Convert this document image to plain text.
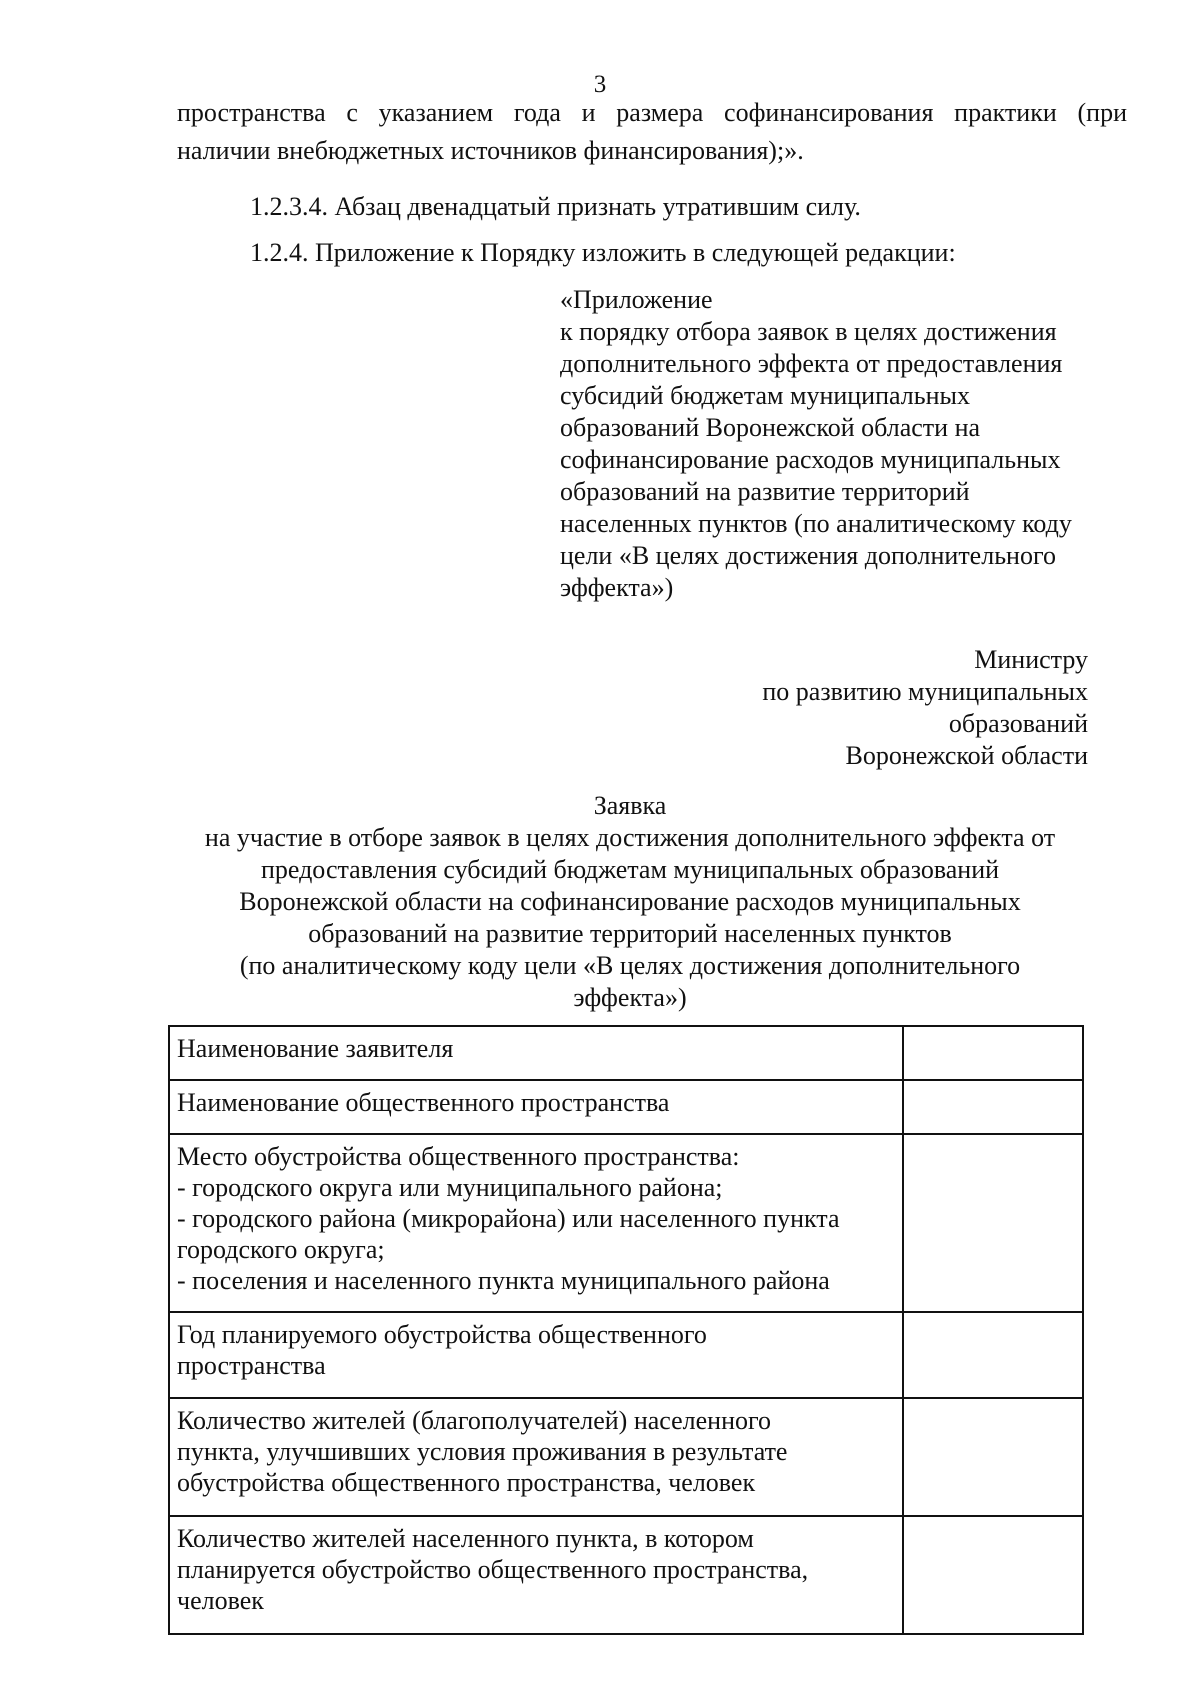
3
пространства с указанием года и размера софинансирования практики (при
наличии внебюджетных источников финансирования);».
1.2.3.4. Абзац двенадцатый признать утратившим силу.
1.2.4. Приложение к Порядку изложить в следующей редакции:
«Приложение
к порядку отбора заявок в целях достижения
дополнительного эффекта от предоставления
субсидий бюджетам муниципальных
образований Воронежской области на
софинансирование расходов муниципальных
образований на развитие территорий
населенных пунктов (по аналитическому коду
цели «В целях достижения дополнительного
эффекта»)
Министру
по развитию муниципальных
образований
Воронежской области
Заявка
на участие в отборе заявок в целях достижения дополнительного эффекта от
предоставления субсидий бюджетам муниципальных образований
Воронежской области на софинансирование расходов муниципальных
образований на развитие территорий населенных пунктов
(по аналитическому коду цели «В целях достижения дополнительного
эффекта»)
Наименование заявителя	

Наименование общественного пространства	

Место обустройства общественного пространства:
- городского округа или муниципального района;
- городского района (микрорайона) или населенного пункта
городского округа;
- поселения и населенного пункта муниципального района	

Год планируемого обустройства общественного
пространства	

Количество жителей (благополучателей) населенного
пункта, улучшивших условия проживания в результате
обустройства общественного пространства, человек	

Количество жителей населенного пункта, в котором
планируется обустройство общественного пространства,
человек	
